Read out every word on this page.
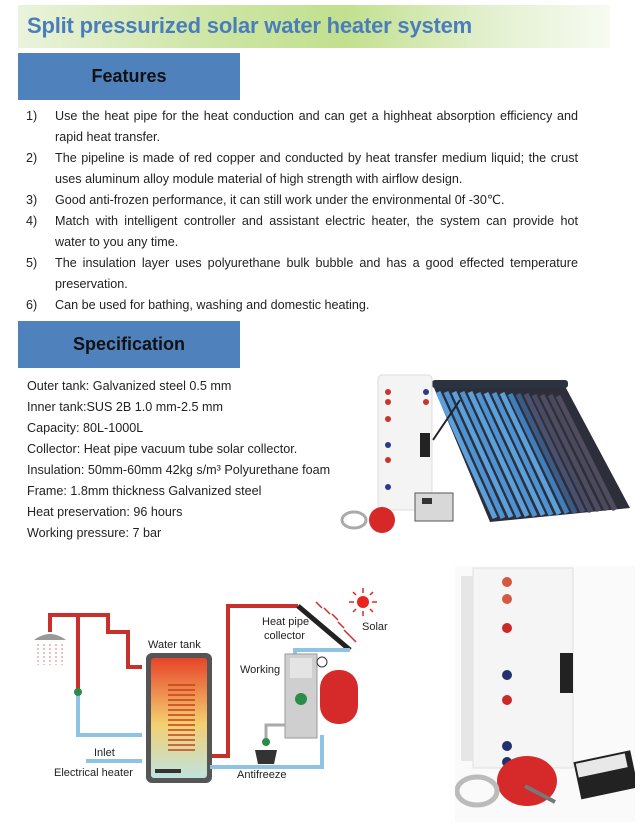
Split pressurized solar water heater system
Features
1)	Use the heat pipe for the heat conduction and can get a highheat absorption efficiency and rapid heat transfer.
2)	The pipeline is made of red copper and conducted by heat transfer medium liquid; the crust uses aluminum alloy module material of high strength with airflow design.
3)	Good anti-frozen performance, it can still work under the environmental 0f -30℃.
4)	Match with intelligent controller and assistant electric heater, the system can provide hot water to you any time.
5)	The insulation layer uses polyurethane bulk bubble and has a good effected temperature preservation.
6)	Can be used for bathing, washing and domestic heating.
Specification
Outer tank: Galvanized steel 0.5 mm
Inner tank:SUS 2B 1.0 mm-2.5 mm
Capacity: 80L-1000L
Collector: Heat pipe vacuum tube solar collector.
Insulation: 50mm-60mm 42kg s/m³ Polyurethane foam
Frame: 1.8mm thickness Galvanized steel
Heat preservation: 96 hours
Working pressure: 7 bar
Water tank
Heat pipe
collector
Solar
Working
Inlet
Electrical heater	Antifreeze
